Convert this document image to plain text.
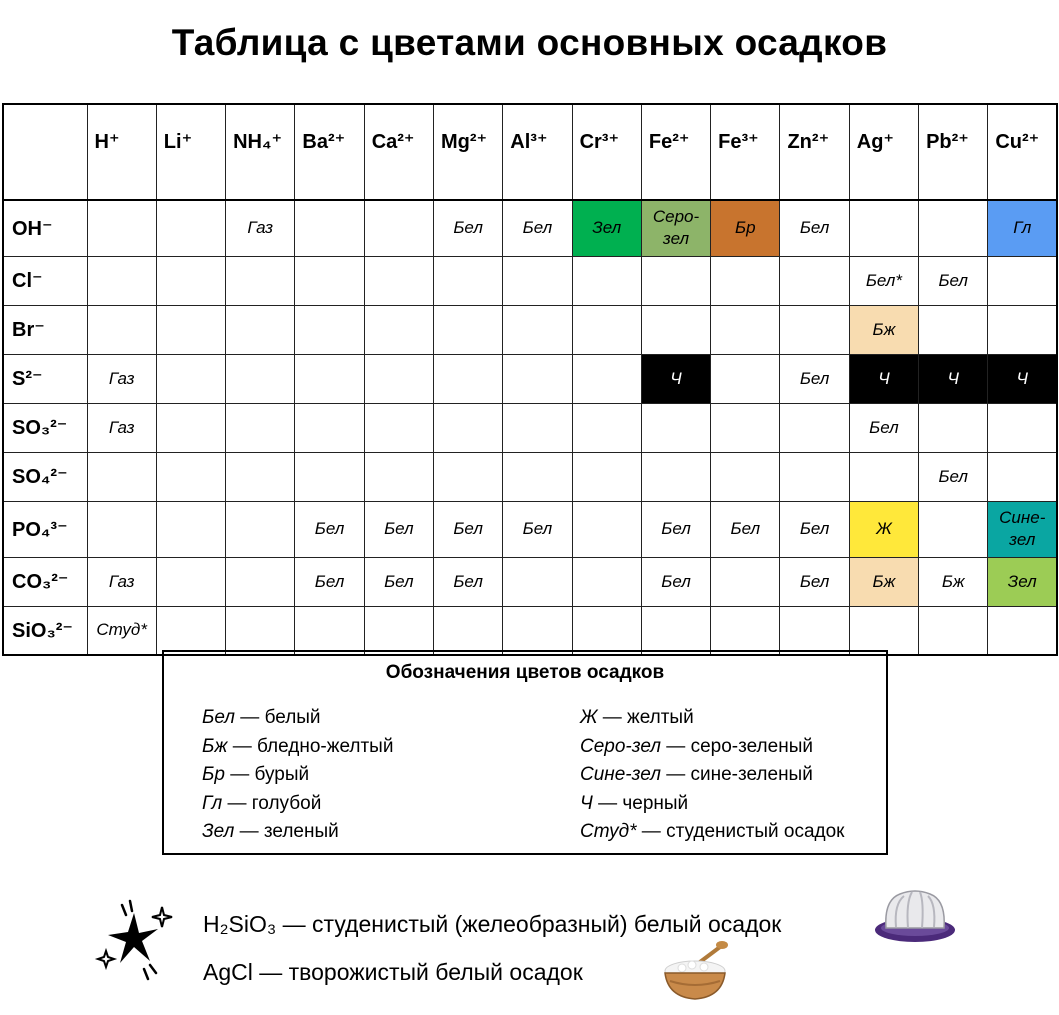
Таблица с цветами основных осадков
	H⁺	Li⁺	NH₄⁺	Ba²⁺	Ca²⁺	Mg²⁺	Al³⁺	Cr³⁺	Fe²⁺	Fe³⁺	Zn²⁺	Ag⁺	Pb²⁺	Cu²⁺
OH⁻			Газ			Бел	Бел	Зел	Серо-зел	Бр	Бел			Гл
Cl⁻												Бел*	Бел	
Br⁻												Бж		
S²⁻	Газ								Ч		Бел	Ч	Ч	Ч
SO₃²⁻	Газ											Бел		
SO₄²⁻													Бел	
PO₄³⁻				Бел	Бел	Бел	Бел		Бел	Бел	Бел	Ж		Сине-зел
CO₃²⁻	Газ			Бел	Бел	Бел			Бел		Бел	Бж	Бж	Зел
SiO₃²⁻	Студ*													
Обозначения цветов осадков
Бел — белый
Бж — бледно-желтый
Бр — бурый
Гл — голубой
Зел — зеленый
Ж — желтый
Серо-зел — серо-зеленый
Сине-зел — сине-зеленый
Ч — черный
Студ* — студенистый осадок
H₂SiO₃ — студенистый (желеобразный) белый осадок
AgCl — творожистый белый осадок
